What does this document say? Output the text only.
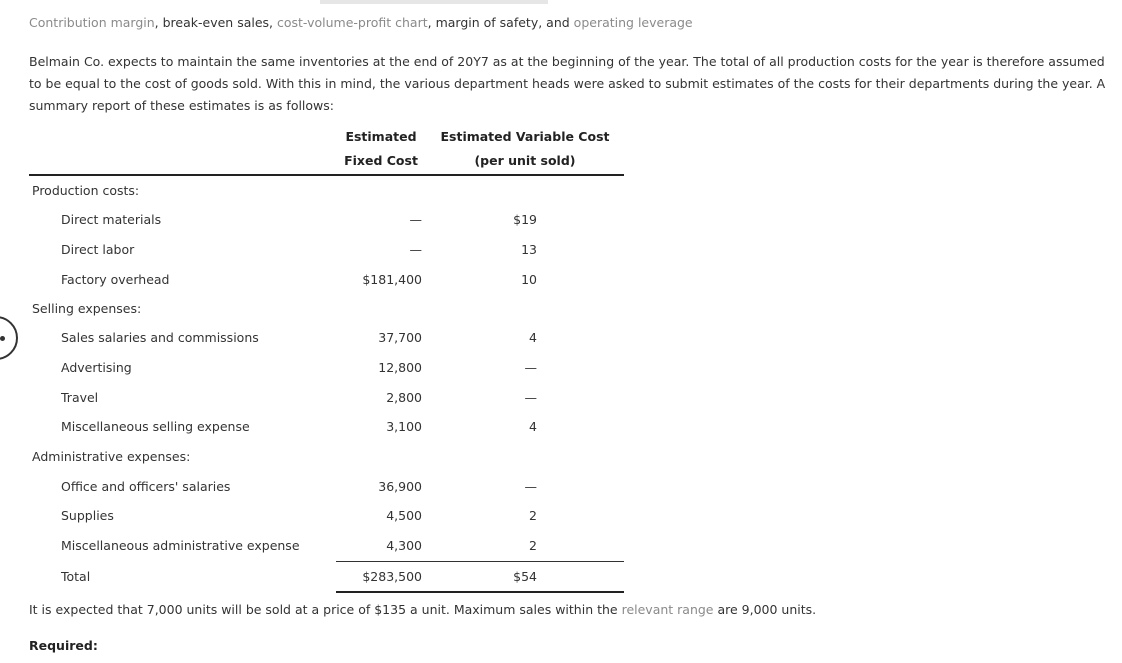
Contribution margin, break-even sales, cost-volume-profit chart, margin of safety, and operating leverage
Belmain Co. expects to maintain the same inventories at the end of 20Y7 as at the beginning of the year. The total of all production costs for the year is therefore assumed to be equal to the cost of goods sold. With this in mind, the various department heads were asked to submit estimates of the costs for their departments during the year. A summary report of these estimates is as follows:
Estimated
Fixed Cost
Estimated Variable Cost
(per unit sold)
Production costs:
Direct materials	—	$19
Direct labor	—	13
Factory overhead	$181,400	10
Selling expenses:
Sales salaries and commissions	37,700	4
Advertising	12,800	—
Travel	2,800	—
Miscellaneous selling expense	3,100	4
Administrative expenses:
Office and officers' salaries	36,900	—
Supplies	4,500	2
Miscellaneous administrative expense	4,300	2
Total	$283,500	$54
It is expected that 7,000 units will be sold at a price of $135 a unit. Maximum sales within the relevant range are 9,000 units.
Required:
